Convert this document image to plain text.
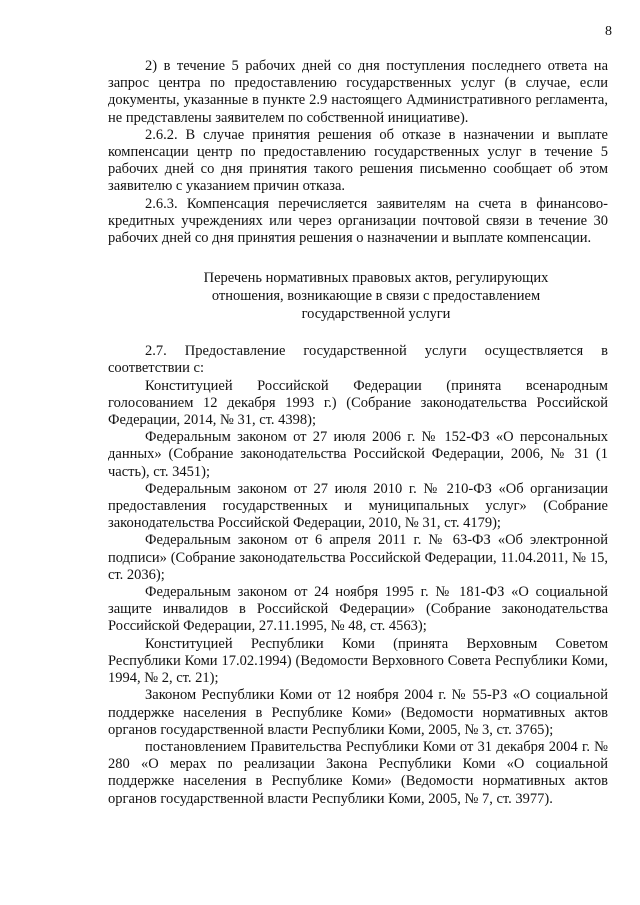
8

2) в течение 5 рабочих дней со дня поступления последнего ответа на запрос центра по предоставлению государственных услуг (в случае, если документы, указанные в пункте 2.9 настоящего Административного регламента, не представлены заявителем по собственной инициативе).

2.6.2. В случае принятия решения об отказе в назначении и выплате компенсации центр по предоставлению государственных услуг в течение 5 рабочих дней со дня принятия такого решения письменно сообщает об этом заявителю с указанием причин отказа.

2.6.3. Компенсация перечисляется заявителям на счета в финансово-кредитных учреждениях или через организации почтовой связи в течение 30 рабочих дней со дня принятия решения о назначении и выплате компенсации.

Перечень нормативных правовых актов, регулирующих
отношения, возникающие в связи с предоставлением
государственной услуги

2.7. Предоставление государственной услуги осуществляется в соответствии с:

Конституцией Российской Федерации (принята всенародным голосованием 12 декабря 1993 г.) (Собрание законодательства Российской Федерации, 2014, № 31, ст. 4398);

Федеральным законом от 27 июля 2006 г. № 152-ФЗ «О персональных данных» (Собрание законодательства Российской Федерации, 2006, № 31 (1 часть), ст. 3451);

Федеральным законом от 27 июля 2010 г. № 210-ФЗ «Об организации предоставления государственных и муниципальных услуг» (Собрание законодательства Российской Федерации, 2010, № 31, ст. 4179);

Федеральным законом от 6 апреля 2011 г. № 63-ФЗ «Об электронной подписи» (Собрание законодательства Российской Федерации, 11.04.2011, № 15, ст. 2036);

Федеральным законом от 24 ноября 1995 г. № 181-ФЗ «О социальной защите инвалидов в Российской Федерации» (Собрание законодательства Российской Федерации, 27.11.1995, № 48, ст. 4563);

Конституцией Республики Коми (принята Верховным Советом Республики Коми 17.02.1994) (Ведомости Верховного Совета Республики Коми, 1994, № 2, ст. 21);

Законом Республики Коми от 12 ноября 2004 г. № 55-РЗ «О социальной поддержке населения в Республике Коми» (Ведомости нормативных актов органов государственной власти Республики Коми, 2005, № 3, ст. 3765);

постановлением Правительства Республики Коми от 31 декабря 2004 г. № 280 «О мерах по реализации Закона Республики Коми «О социальной поддержке населения в Республике Коми» (Ведомости нормативных актов органов государственной власти Республики Коми, 2005, № 7, ст. 3977).
